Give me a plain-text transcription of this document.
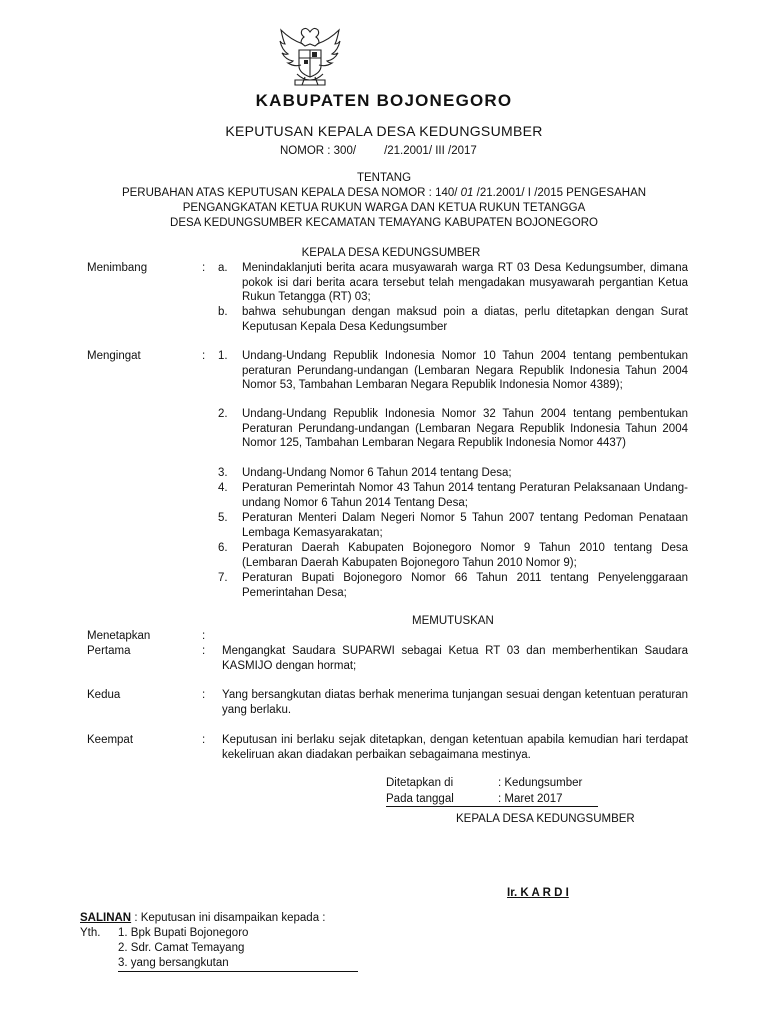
KABUPATEN BOJONEGORO
KEPUTUSAN KEPALA DESA KEDUNGSUMBER
NOMOR : 300/ /21.2001/ III /2017
TENTANG
PERUBAHAN ATAS KEPUTUSAN KEPALA DESA NOMOR : 140/ 01 /21.2001/ I /2015 PENGESAHAN
PENGANGKATAN KETUA RUKUN WARGA DAN KETUA RUKUN TETANGGA
DESA KEDUNGSUMBER KECAMATAN TEMAYANG KABUPATEN BOJONEGORO
KEPALA DESA KEDUNGSUMBER
Menimbang	:	a.	Menindaklanjuti berita acara musyawarah warga RT 03 Desa Kedungsumber, dimana pokok isi dari berita acara tersebut telah mengadakan musyawarah pergantian Ketua Rukun Tetangga (RT) 03;
b.	bahwa sehubungan dengan maksud poin a diatas, perlu ditetapkan dengan Surat Keputusan Kepala Desa Kedungsumber
Mengingat	:	1.	Undang-Undang Republik Indonesia Nomor 10 Tahun 2004 tentang pembentukan peraturan Perundang-undangan (Lembaran Negara Republik Indonesia Tahun 2004 Nomor 53, Tambahan Lembaran Negara Republik Indonesia Nomor 4389);
2.	Undang-Undang Republik Indonesia Nomor 32 Tahun 2004 tentang pembentukan Peraturan Perundang-undangan (Lembaran Negara Republik Indonesia Tahun 2004 Nomor 125, Tambahan Lembaran Negara Republik Indonesia Nomor 4437)
3.	Undang-Undang Nomor 6 Tahun 2014 tentang Desa;
4.	Peraturan Pemerintah Nomor 43 Tahun 2014 tentang Peraturan Pelaksanaan Undang-undang Nomor 6 Tahun 2014 Tentang Desa;
5.	Peraturan Menteri Dalam Negeri Nomor 5 Tahun 2007 tentang Pedoman Penataan Lembaga Kemasyarakatan;
6.	Peraturan Daerah Kabupaten Bojonegoro Nomor 9 Tahun 2010 tentang Desa (Lembaran Daerah Kabupaten Bojonegoro Tahun 2010 Nomor 9);
7.	Peraturan Bupati Bojonegoro Nomor 66 Tahun 2011 tentang Penyelenggaraan Pemerintahan Desa;
MEMUTUSKAN
Menetapkan	:
Pertama	:	Mengangkat Saudara SUPARWI sebagai Ketua RT 03 dan memberhentikan Saudara KASMIJO dengan hormat;
Kedua	:	Yang bersangkutan diatas berhak menerima tunjangan sesuai dengan ketentuan peraturan yang berlaku.
Keempat	:	Keputusan ini berlaku sejak ditetapkan, dengan ketentuan apabila kemudian hari terdapat kekeliruan akan diadakan perbaikan sebagaimana mestinya.
Ditetapkan di	: Kedungsumber
Pada tanggal	: Maret 2017
KEPALA DESA KEDUNGSUMBER
Ir. K A R D I
SALINAN : Keputusan ini disampaikan kepada :
Yth. 1. Bpk Bupati Bojonegoro
2. Sdr. Camat Temayang
3. yang bersangkutan
